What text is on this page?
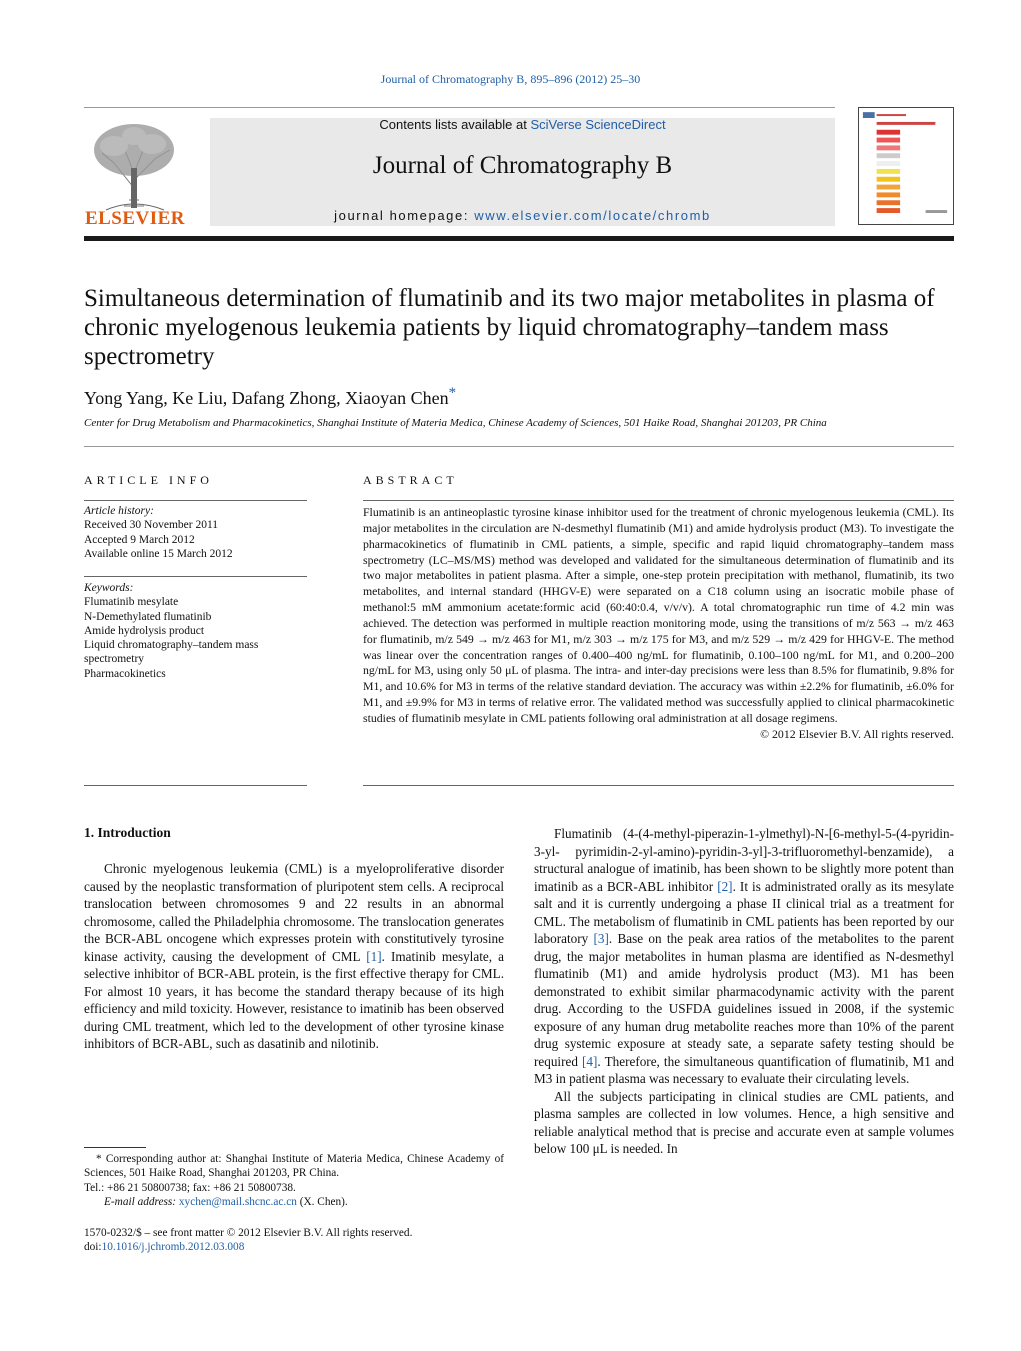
Journal of Chromatography B, 895–896 (2012) 25–30
ELSEVIER
Contents lists available at SciVerse ScienceDirect
Journal of Chromatography B
journal homepage: www.elsevier.com/locate/chromb
Simultaneous determination of flumatinib and its two major metabolites in plasma of chronic myelogenous leukemia patients by liquid chromatography–tandem mass spectrometry
Yong Yang, Ke Liu, Dafang Zhong, Xiaoyan Chen*
Center for Drug Metabolism and Pharmacokinetics, Shanghai Institute of Materia Medica, Chinese Academy of Sciences, 501 Haike Road, Shanghai 201203, PR China
ARTICLE INFO	ABSTRACT
Article history:
Received 30 November 2011
Accepted 9 March 2012
Available online 15 March 2012
Keywords:
Flumatinib mesylate
N-Demethylated flumatinib
Amide hydrolysis product
Liquid chromatography–tandem mass spectrometry
Pharmacokinetics
Flumatinib is an antineoplastic tyrosine kinase inhibitor used for the treatment of chronic myelogenous leukemia (CML). Its major metabolites in the circulation are N-desmethyl flumatinib (M1) and amide hydrolysis product (M3). To investigate the pharmacokinetics of flumatinib in CML patients, a simple, specific and rapid liquid chromatography–tandem mass spectrometry (LC–MS/MS) method was developed and validated for the simultaneous determination of flumatinib and its two major metabolites in patient plasma. After a simple, one-step protein precipitation with methanol, flumatinib, its two metabolites, and internal standard (HHGV-E) were separated on a C18 column using an isocratic mobile phase of methanol:5 mM ammonium acetate:formic acid (60:40:0.4, v/v/v). A total chromatographic run time of 4.2 min was achieved. The detection was performed in multiple reaction monitoring mode, using the transitions of m/z 563 → m/z 463 for flumatinib, m/z 549 → m/z 463 for M1, m/z 303 → m/z 175 for M3, and m/z 529 → m/z 429 for HHGV-E. The method was linear over the concentration ranges of 0.400–400 ng/mL for flumatinib, 0.100–100 ng/mL for M1, and 0.200–200 ng/mL for M3, using only 50 μL of plasma. The intra- and inter-day precisions were less than 8.5% for flumatinib, 9.8% for M1, and 10.6% for M3 in terms of the relative standard deviation. The accuracy was within ±2.2% for flumatinib, ±6.0% for M1, and ±9.9% for M3 in terms of relative error. The validated method was successfully applied to clinical pharmacokinetic studies of flumatinib mesylate in CML patients following oral administration at all dosage regimens.
© 2012 Elsevier B.V. All rights reserved.
1. Introduction

Chronic myelogenous leukemia (CML) is a myeloproliferative disorder caused by the neoplastic transformation of pluripotent stem cells. A reciprocal translocation between chromosomes 9 and 22 results in an abnormal chromosome, called the Philadelphia chromosome. The translocation generates the BCR-ABL oncogene which expresses protein with constitutively tyrosine kinase activity, causing the development of CML [1]. Imatinib mesylate, a selective inhibitor of BCR-ABL protein, is the first effective therapy for CML. For almost 10 years, it has become the standard therapy because of its high efficiency and mild toxicity. However, resistance to imatinib has been observed during CML treatment, which led to the development of other tyrosine kinase inhibitors of BCR-ABL, such as dasatinib and nilotinib.

Flumatinib (4-(4-methyl-piperazin-1-ylmethyl)-N-[6-methyl-5-(4-pyridin-3-yl- pyrimidin-2-yl-amino)-pyridin-3-yl]-3-trifluoromethyl-benzamide), a structural analogue of imatinib, has been shown to be slightly more potent than imatinib as a BCR-ABL inhibitor [2]. It is administrated orally as its mesylate salt and it is currently undergoing a phase II clinical trial as a treatment for CML. The metabolism of flumatinib in CML patients has been reported by our laboratory [3]. Base on the peak area ratios of the metabolites to the parent drug, the major metabolites in human plasma are identified as N-desmethyl flumatinib (M1) and amide hydrolysis product (M3). M1 has been demonstrated to exhibit similar pharmacodynamic activity with the parent drug. According to the USFDA guidelines issued in 2008, if the systemic exposure of any human drug metabolite reaches more than 10% of the parent drug systemic exposure at steady sate, a separate safety testing should be required [4]. Therefore, the simultaneous quantification of flumatinib, M1 and M3 in patient plasma was necessary to evaluate their circulating levels.

All the subjects participating in clinical studies are CML patients, and plasma samples are collected in low volumes. Hence, a high sensitive and reliable analytical method that is precise and accurate even at sample volumes below 100 μL is needed. In

* Corresponding author at: Shanghai Institute of Materia Medica, Chinese Academy of Sciences, 501 Haike Road, Shanghai 201203, PR China.
Tel.: +86 21 50800738; fax: +86 21 50800738.
E-mail address: xychen@mail.shcnc.ac.cn (X. Chen).
1570-0232/$ – see front matter © 2012 Elsevier B.V. All rights reserved.
doi:10.1016/j.jchromb.2012.03.008
